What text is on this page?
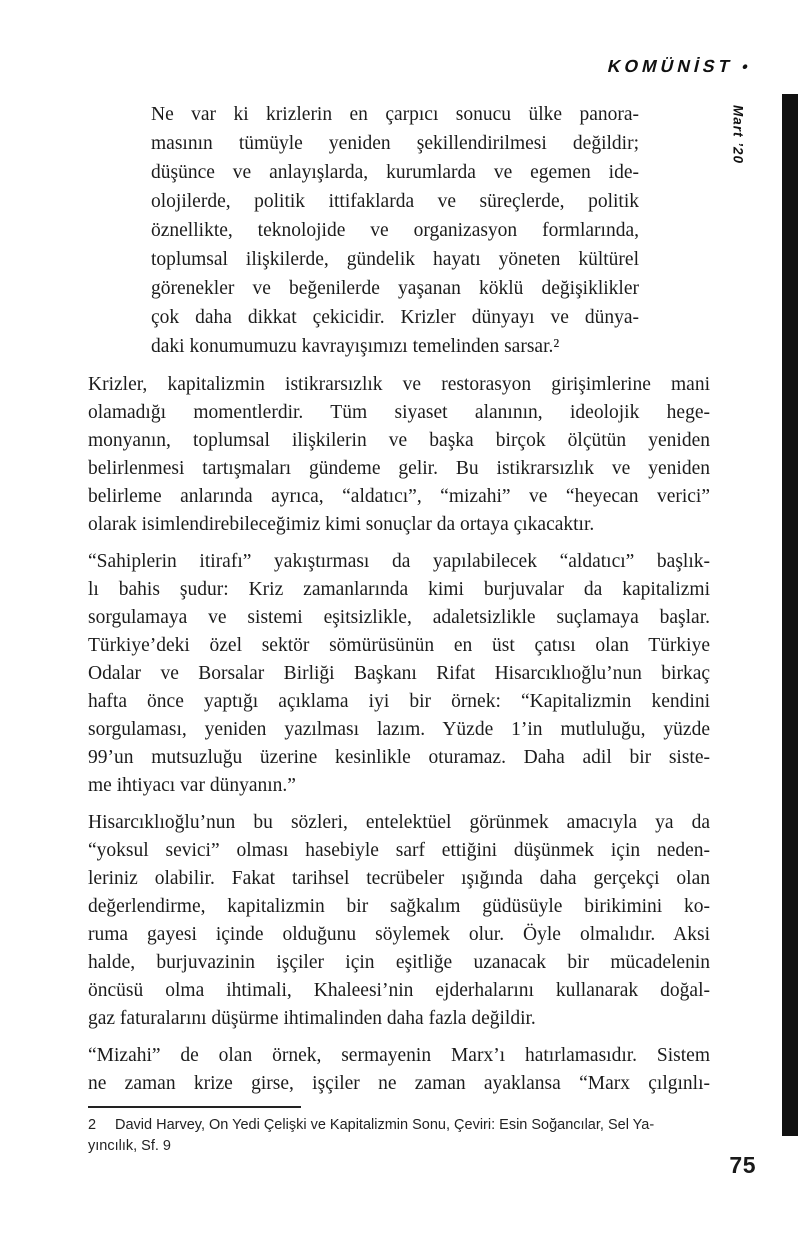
KOMÜNİST •
Mart ’20
Ne var ki krizlerin en çarpıcı sonucu ülke panora-
masının tümüyle yeniden şekillendirilmesi değildir;
düşünce ve anlayışlarda, kurumlarda ve egemen ide-
olojilerde, politik ittifaklarda ve süreçlerde, politik
öznellikte, teknolojide ve organizasyon formlarında,
toplumsal ilişkilerde, gündelik hayatı yöneten kültürel
görenekler ve beğenilerde yaşanan köklü değişiklikler
çok daha dikkat çekicidir. Krizler dünyayı ve dünya-
daki konumumuzu kavrayışımızı temelinden sarsar.²
Krizler, kapitalizmin istikrarsızlık ve restorasyon girişimlerine mani
olamadığı momentlerdir. Tüm siyaset alanının, ideolojik hege-
monyanın, toplumsal ilişkilerin ve başka birçok ölçütün yeniden
belirlenmesi tartışmaları gündeme gelir. Bu istikrarsızlık ve yeniden
belirleme anlarında ayrıca, “aldatıcı”, “mizahi” ve “heyecan verici”
olarak isimlendirebileceğimiz kimi sonuçlar da ortaya çıkacaktır.
“Sahiplerin itirafı” yakıştırması da yapılabilecek “aldatıcı” başlık-
lı bahis şudur: Kriz zamanlarında kimi burjuvalar da kapitalizmi
sorgulamaya ve sistemi eşitsizlikle, adaletsizlikle suçlamaya başlar.
Türkiye’deki özel sektör sömürüsünün en üst çatısı olan Türkiye
Odalar ve Borsalar Birliği Başkanı Rifat Hisarcıklıoğlu’nun birkaç
hafta önce yaptığı açıklama iyi bir örnek: “Kapitalizmin kendini
sorgulaması, yeniden yazılması lazım. Yüzde 1’in mutluluğu, yüzde
99’un mutsuzluğu üzerine kesinlikle oturamaz. Daha adil bir siste-
me ihtiyacı var dünyanın.”
Hisarcıklıoğlu’nun bu sözleri, entelektüel görünmek amacıyla ya da
“yoksul sevici” olması hasebiyle sarf ettiğini düşünmek için neden-
leriniz olabilir. Fakat tarihsel tecrübeler ışığında daha gerçekçi olan
değerlendirme, kapitalizmin bir sağkalım güdüsüyle birikimini ko-
ruma gayesi içinde olduğunu söylemek olur. Öyle olmalıdır. Aksi
halde, burjuvazinin işçiler için eşitliğe uzanacak bir mücadelenin
öncüsü olma ihtimali, Khaleesi’nin ejderhalarını kullanarak doğal-
gaz faturalarını düşürme ihtimalinden daha fazla değildir.
“Mizahi” de olan örnek, sermayenin Marx’ı hatırlamasıdır. Sistem
ne zaman krize girse, işçiler ne zaman ayaklansa “Marx çılgınlı-
2 David Harvey, On Yedi Çelişki ve Kapitalizmin Sonu, Çeviri: Esin Soğancılar, Sel Ya-
yıncılık, Sf. 9
75
